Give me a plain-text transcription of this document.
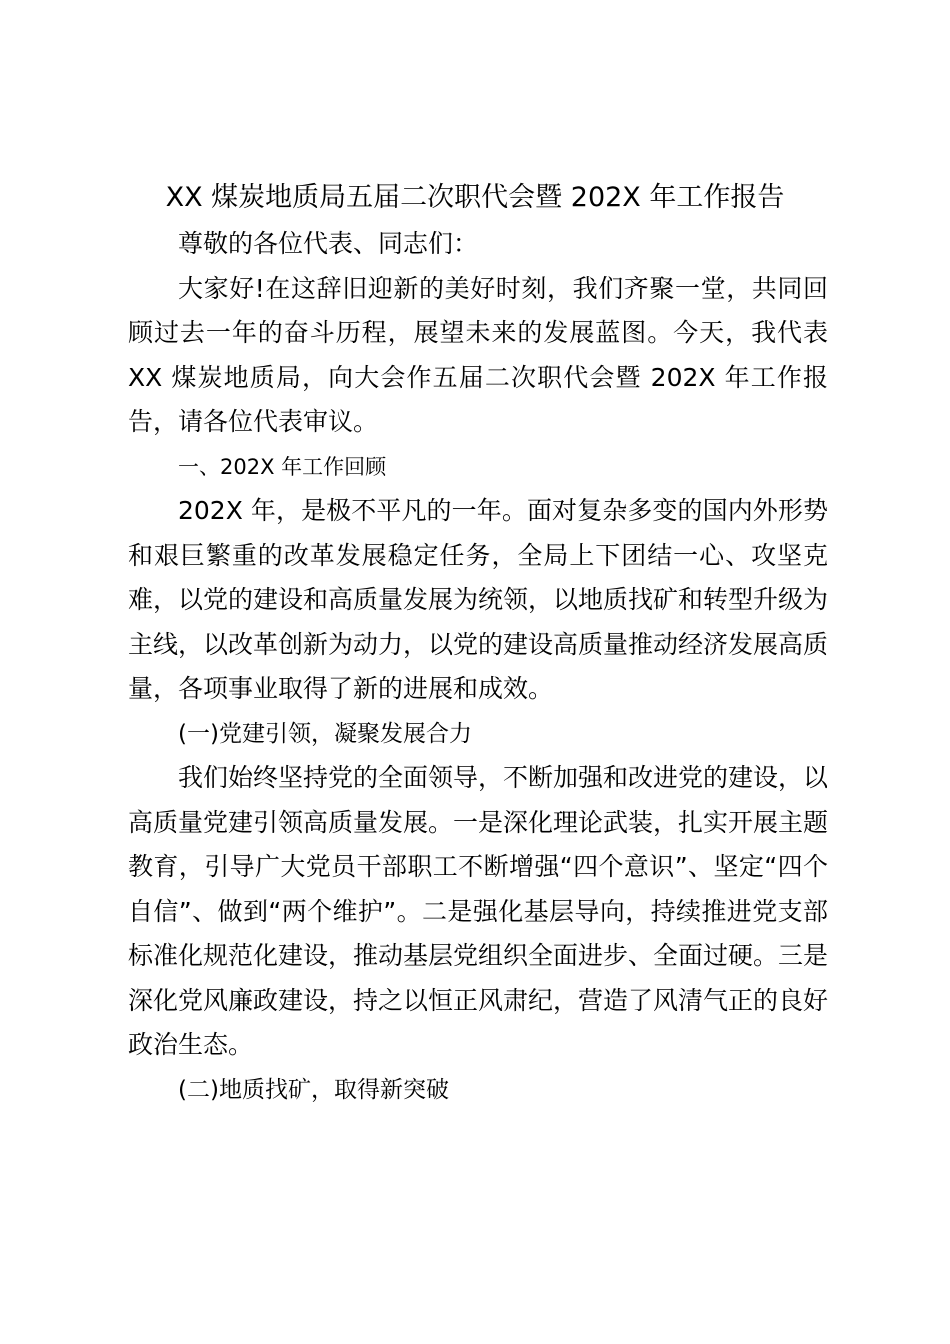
XX 煤炭地质局五届二次职代会暨 202X 年工作报告

尊敬的各位代表、同志们：

大家好!在这辞旧迎新的美好时刻，我们齐聚一堂，共同回顾过去一年的奋斗历程，展望未来的发展蓝图。今天，我代表 XX 煤炭地质局，向大会作五届二次职代会暨 202X 年工作报告，请各位代表审议。

一、202X 年工作回顾

202X 年，是极不平凡的一年。面对复杂多变的国内外形势和艰巨繁重的改革发展稳定任务，全局上下团结一心、攻坚克难，以党的建设和高质量发展为统领，以地质找矿和转型升级为主线，以改革创新为动力，以党的建设高质量推动经济发展高质量，各项事业取得了新的进展和成效。

(一)党建引领，凝聚发展合力

我们始终坚持党的全面领导，不断加强和改进党的建设，以高质量党建引领高质量发展。一是深化理论武装，扎实开展主题教育，引导广大党员干部职工不断增强“四个意识”、坚定“四个自信”、做到“两个维护”。二是强化基层导向，持续推进党支部标准化规范化建设，推动基层党组织全面进步、全面过硬。三是深化党风廉政建设，持之以恒正风肃纪，营造了风清气正的良好政治生态。

(二)地质找矿，取得新突破
